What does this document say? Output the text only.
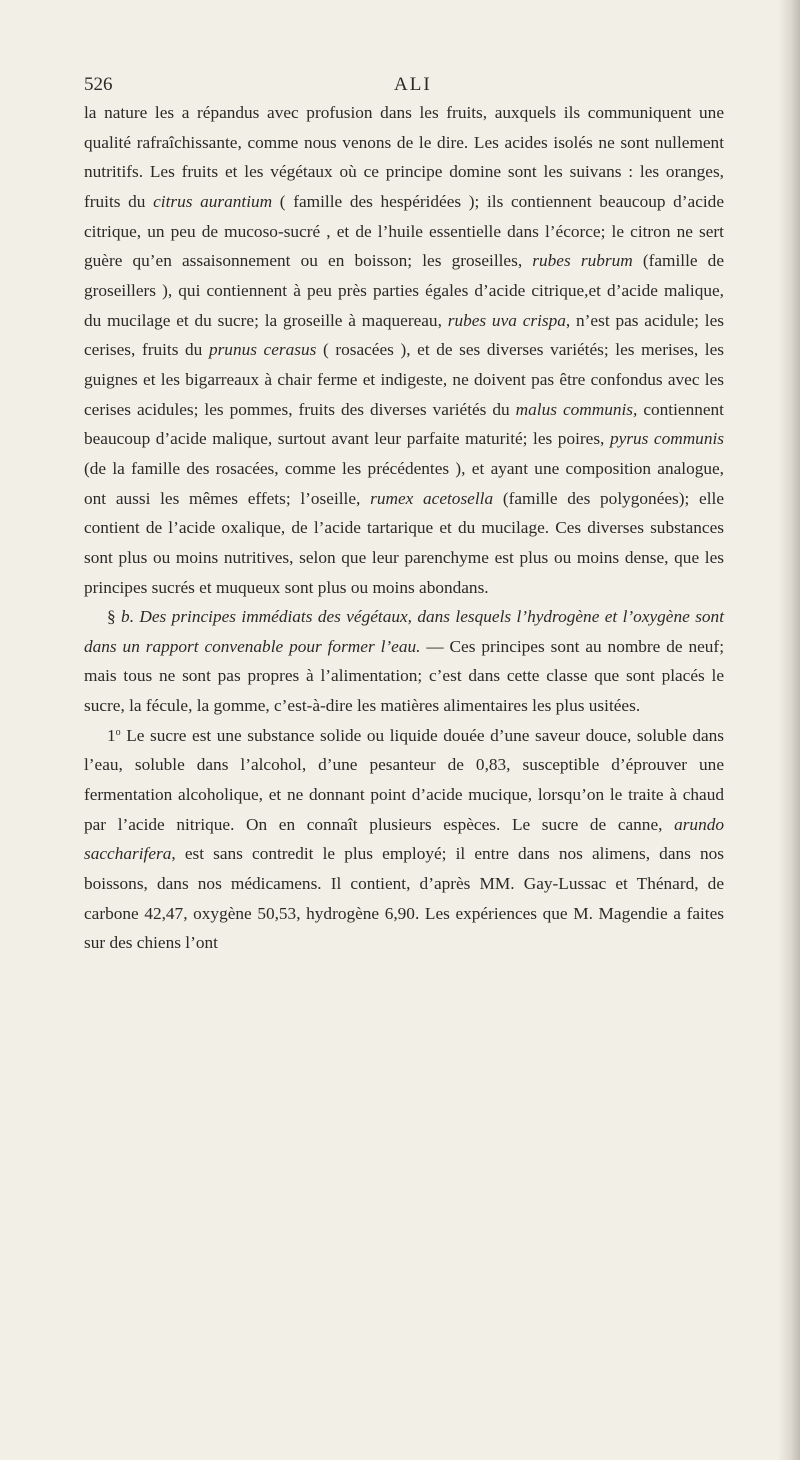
526	ALI

la nature les a répandus avec profusion dans les fruits, auxquels ils communiquent une qualité rafraîchissante, comme nous venons de le dire. Les acides isolés ne sont nullement nutritifs. Les fruits et les végétaux où ce principe domine sont les suivans : les oranges, fruits du citrus aurantium ( famille des hespéridées ); ils contiennent beaucoup d’acide citrique, un peu de mucoso-sucré , et de l’huile essentielle dans l’écorce; le citron ne sert guère qu’en assaisonnement ou en boisson; les groseilles, rubes rubrum (famille de groseillers ), qui contiennent à peu près parties égales d’acide citrique,et d’acide malique, du mucilage et du sucre; la groseille à maquereau, rubes uva crispa, n’est pas acidule; les cerises, fruits du prunus cerasus ( rosacées ), et de ses diverses variétés; les merises, les guignes et les bigarreaux à chair ferme et indigeste, ne doivent pas être confondus avec les cerises acidules; les pommes, fruits des diverses variétés du malus communis, contiennent beaucoup d’acide malique, surtout avant leur parfaite maturité; les poires, pyrus communis (de la famille des rosacées, comme les précédentes ), et ayant une composition analogue, ont aussi les mêmes effets; l’oseille, rumex acetosella (famille des polygonées); elle contient de l’acide oxalique, de l’acide tartarique et du mucilage. Ces diverses substances sont plus ou moins nutritives, selon que leur parenchyme est plus ou moins dense, que les principes sucrés et muqueux sont plus ou moins abondans.

§ b. Des principes immédiats des végétaux, dans lesquels l’hydrogène et l’oxygène sont dans un rapport convenable pour former l’eau. — Ces principes sont au nombre de neuf; mais tous ne sont pas propres à l’alimentation; c’est dans cette classe que sont placés le sucre, la fécule, la gomme, c’est-à-dire les matières alimentaires les plus usitées.

1$^o$ Le sucre est une substance solide ou liquide douée d’une saveur douce, soluble dans l’eau, soluble dans l’alcohol, d’une pesanteur de 0,83, susceptible d’éprouver une fermentation alcoholique, et ne donnant point d’acide mucique, lorsqu’on le traite à chaud par l’acide nitrique. On en connaît plusieurs espèces. Le sucre de canne, arundo saccharifera, est sans contredit le plus employé; il entre dans nos alimens, dans nos boissons, dans nos médicamens. Il contient, d’après MM. Gay-Lussac et Thénard, de carbone 42,47, oxygène 50,53, hydrogène 6,90. Les expériences que M. Magendie a faites sur des chiens l’ont
